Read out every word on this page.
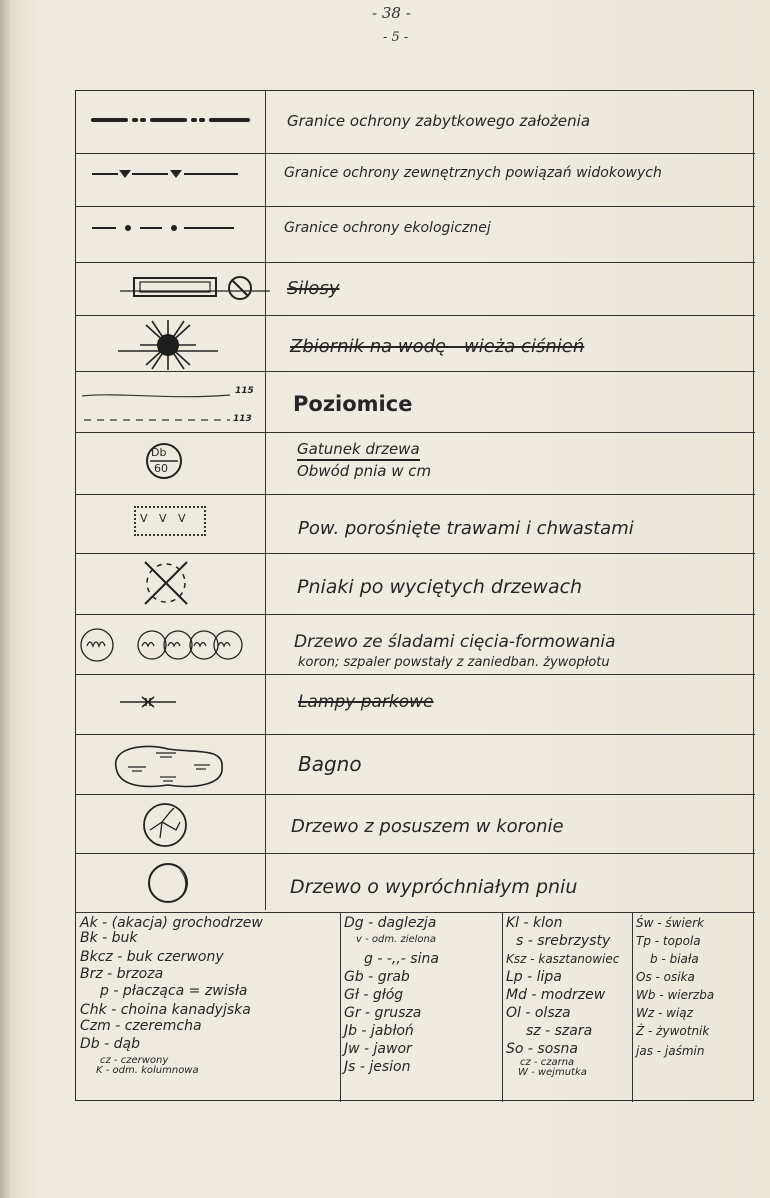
- 38 -
- 5 -
Granice ochrony zabytkowego założenia
Granice ochrony zewnętrznych powiązań widokowych
Granice ochrony ekologicznej
Silosy
Zbiornik na wodę - wieża ciśnień
115
113
Poziomice
Db
60
Gatunek drzewa
Obwód pnia w cm
V V V	Pow. porośnięte trawami i chwastami
Pniaki po wyciętych drzewach
Drzewo ze śladami cięcia-formowania
koron; szpaler powstały z zaniedban. żywopłotu
Lampy parkowe
Bagno
Drzewo z posuszem w koronie
Drzewo o wypróchniałym pniu
Ak - (akacja) grochodrzew
Bk - buk
Bkcz - buk czerwony
Brz - brzoza
p - płacząca = zwisła
Chk - choina kanadyjska
Czm - czeremcha
Db - dąb
cz - czerwony
K - odm. kolumnowa
Dg - daglezja
v - odm. zielona
g - -,,- sina
Gb - grab
Gł - głóg
Gr - grusza
Jb - jabłoń
Jw - jawor
Js - jesion
Kl - klon
s - srebrzysty
Ksz - kasztanowiec
Lp - lipa
Md - modrzew
Ol - olsza
sz - szara
So - sosna
cz - czarna
W - wejmutka
Św - świerk
Tp - topola
b - biała
Os - osika
Wb - wierzba
Wz - wiąz
Ż - żywotnik
jas - jaśmin
